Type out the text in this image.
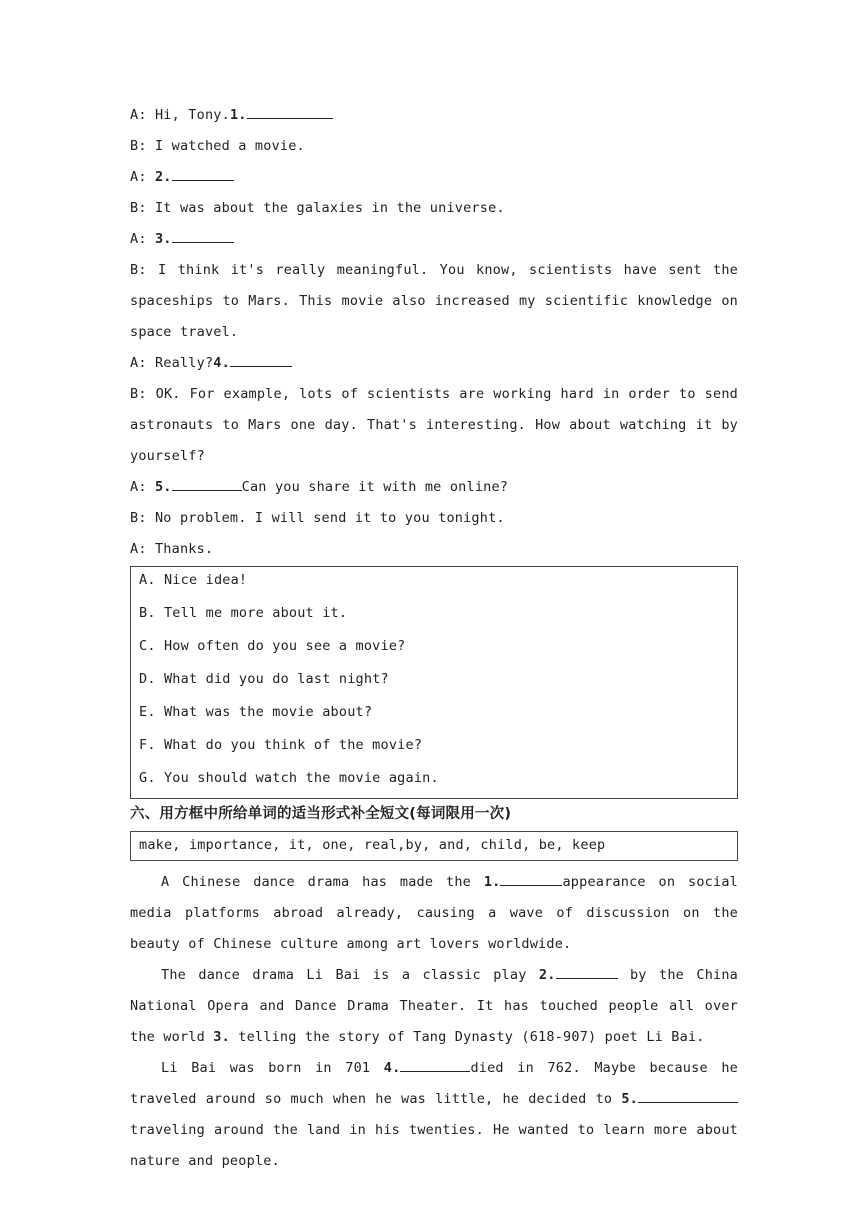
A: Hi, Tony.1.
B: I watched a movie.
A: 2.
B: It was about the galaxies in the universe.
A: 3.
B: I think it's really meaningful. You know, scientists have sent the spaceships to Mars. This movie also increased my scientific knowledge on space travel.
A: Really?4.
B: OK. For example, lots of scientists are working hard in order to send astronauts to Mars one day. That's interesting. How about watching it by yourself?
A: 5.	Can you share it with me online?
B: No problem. I will send it to you tonight.
A: Thanks.
A. Nice idea!
B. Tell me more about it.
C. How often do you see a movie?
D. What did you do last night?
E. What was the movie about?
F. What do you think of the movie?
G. You should watch the movie again.
六、用方框中所给单词的适当形式补全短文(每词限用一次)
make, importance, it, one, real,by, and, child, be, keep
A Chinese dance drama has made the 1.	appearance on social media platforms abroad already, causing a wave of discussion on the beauty of Chinese culture among art lovers worldwide.
The dance drama Li Bai is a classic play 2.	by the China National Opera and Dance Drama Theater. It has touched people all over the world 3. telling the story of Tang Dynasty (618-907) poet Li Bai.
Li Bai was born in 701 4.	died in 762. Maybe because he traveled around so much when he was little, he decided to 5. traveling around the land in his twenties. He wanted to learn more about nature and people.
